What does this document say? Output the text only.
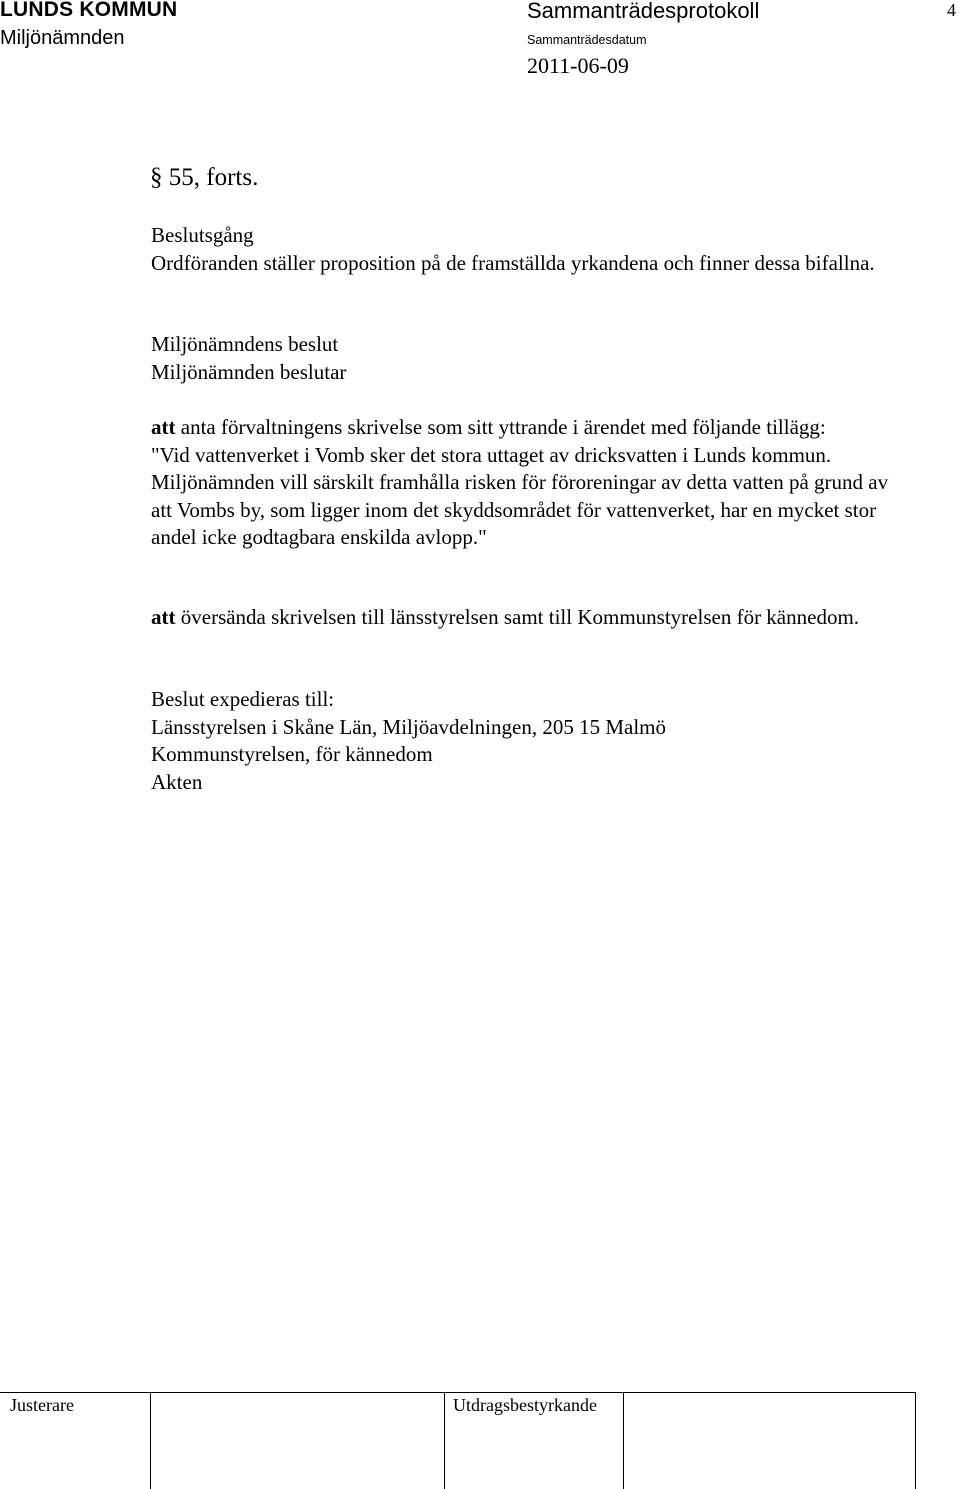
LUNDS KOMMUN
Miljönämnden
Sammanträdesprotokoll	4
Sammanträdesdatum
2011-06-09
§ 55, forts.
Beslutsgång
Ordföranden ställer proposition på de framställda yrkandena och finner dessa bifallna.
Miljönämndens beslut
Miljönämnden beslutar
att anta förvaltningens skrivelse som sitt yttrande i ärendet med följande tillägg:
"Vid vattenverket i Vomb sker det stora uttaget av dricksvatten i Lunds kommun. Miljönämnden vill särskilt framhålla risken för föroreningar av detta vatten på grund av att Vombs by, som ligger inom det skyddsområdet för vattenverket, har en mycket stor andel icke godtagbara enskilda avlopp."
att översända skrivelsen till länsstyrelsen samt till Kommunstyrelsen för kännedom.
Beslut expedieras till:
Länsstyrelsen i Skåne Län, Miljöavdelningen, 205 15 Malmö
Kommunstyrelsen, för kännedom
Akten
Justerare	Utdragsbestyrkande
